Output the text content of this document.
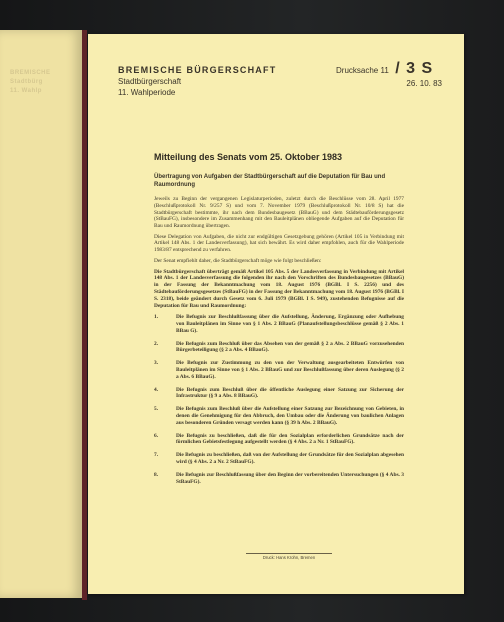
BREMISCHE
Stadtbürg
11. Wahlp
BREMISCHE BÜRGERSCHAFT
Stadtbürgerschaft
11. Wahlperiode
Drucksache 11 / 3 S
26. 10. 83
Mitteilung des Senats vom 25. Oktober 1983
Übertragung von Aufgaben der Stadtbürgerschaft auf die Deputation für Bau und Raumordnung

Jeweils zu Beginn der vergangenen Legislaturperioden, zuletzt durch die Beschlüsse vom 28. April 1977 (Beschlußprotokoll Nr. 9/257 S) und vom 7. November 1979 (Beschlußprotokoll Nr. 10/8 S) hat die Stadtbürgerschaft bestimmte, ihr nach dem Bundesbaugesetz (BBauG) und dem Städtebauförderungsgesetz (StBauFG), insbesondere im Zusammenhang mit den Bauleitplänen obliegende Aufgaben auf die Deputation für Bau und Raumordnung übertragen.

Diese Delegation von Aufgaben, die nicht zur endgültigen Gesetzgebung gehören (Artikel 105 in Verbindung mit Artikel 148 Abs. 1 der Landesverfassung), hat sich bewährt. Es wird daher empfohlen, auch für die Wahlperiode 1983/87 entsprechend zu verfahren.

Der Senat empfiehlt daher, die Stadtbürgerschaft möge wie folgt beschließen:

Die Stadtbürgerschaft überträgt gemäß Artikel 105 Abs. 5 der Landesverfassung in Verbindung mit Artikel 148 Abs. 1 der Landesverfassung die folgenden ihr nach den Vorschriften des Bundesbaugesetzes (BBauG) in der Fassung der Bekanntmachung vom 18. August 1976 (BGBl. I S. 2256) und des Städtebauförderungsgesetzes (StBauFG) in der Fassung der Bekanntmachung vom 18. August 1976 (BGBl. I S. 2318), beide geändert durch Gesetz vom 6. Juli 1979 (BGBl. I S. 949), zustehenden Befugnisse auf die Deputation für Bau und Raumordnung:

1.	Die Befugnis zur Beschlußfassung über die Aufstellung, Änderung, Ergänzung oder Aufhebung von Bauleitplänen im Sinne von § 1 Abs. 2 BBauG (Planaufstellungsbeschlüsse gemäß § 2 Abs. 1 BBau G).
2.	Die Befugnis zum Beschluß über das Absehen von der gemäß § 2 a Abs. 2 BBauG vorzusehenden Bürgerbeteiligung (§ 2 a Abs. 4 BBauG).
3.	Die Befugnis zur Zustimmung zu den von der Verwaltung ausgearbeiteten Entwürfen von Bauleitplänen im Sinne von § 1 Abs. 2 BBauG und zur Beschlußfassung über deren Auslegung (§ 2 a Abs. 6 BBauG).
4.	Die Befugnis zum Beschluß über die öffentliche Auslegung einer Satzung zur Sicherung der Infrastruktur (§ 9 a Abs. 8 BBauG).
5.	Die Befugnis zum Beschluß über die Aufstellung einer Satzung zur Bezeichnung von Gebieten, in denen die Genehmigung für den Abbruch, den Umbau oder die Änderung von baulichen Anlagen aus besonderen Gründen versagt werden kann (§ 39 h Abs. 2 BBauG).
6.	Die Befugnis zu beschließen, daß die für den Sozialplan erforderlichen Grundsätze nach der förmlichen Gebietsfestlegung aufgestellt werden (§ 4 Abs. 2 a Nr. 1 StBauFG).
7.	Die Befugnis zu beschließen, daß von der Aufstellung der Grundsätze für den Sozialplan abgesehen wird (§ 4 Abs. 2 a Nr. 2 StBauFG).
8.	Die Befugnis zur Beschlußfassung über den Beginn der vorbereitenden Untersuchungen (§ 4 Abs. 3 StBauFG).
Druck: Hans Krohn, Bremen
